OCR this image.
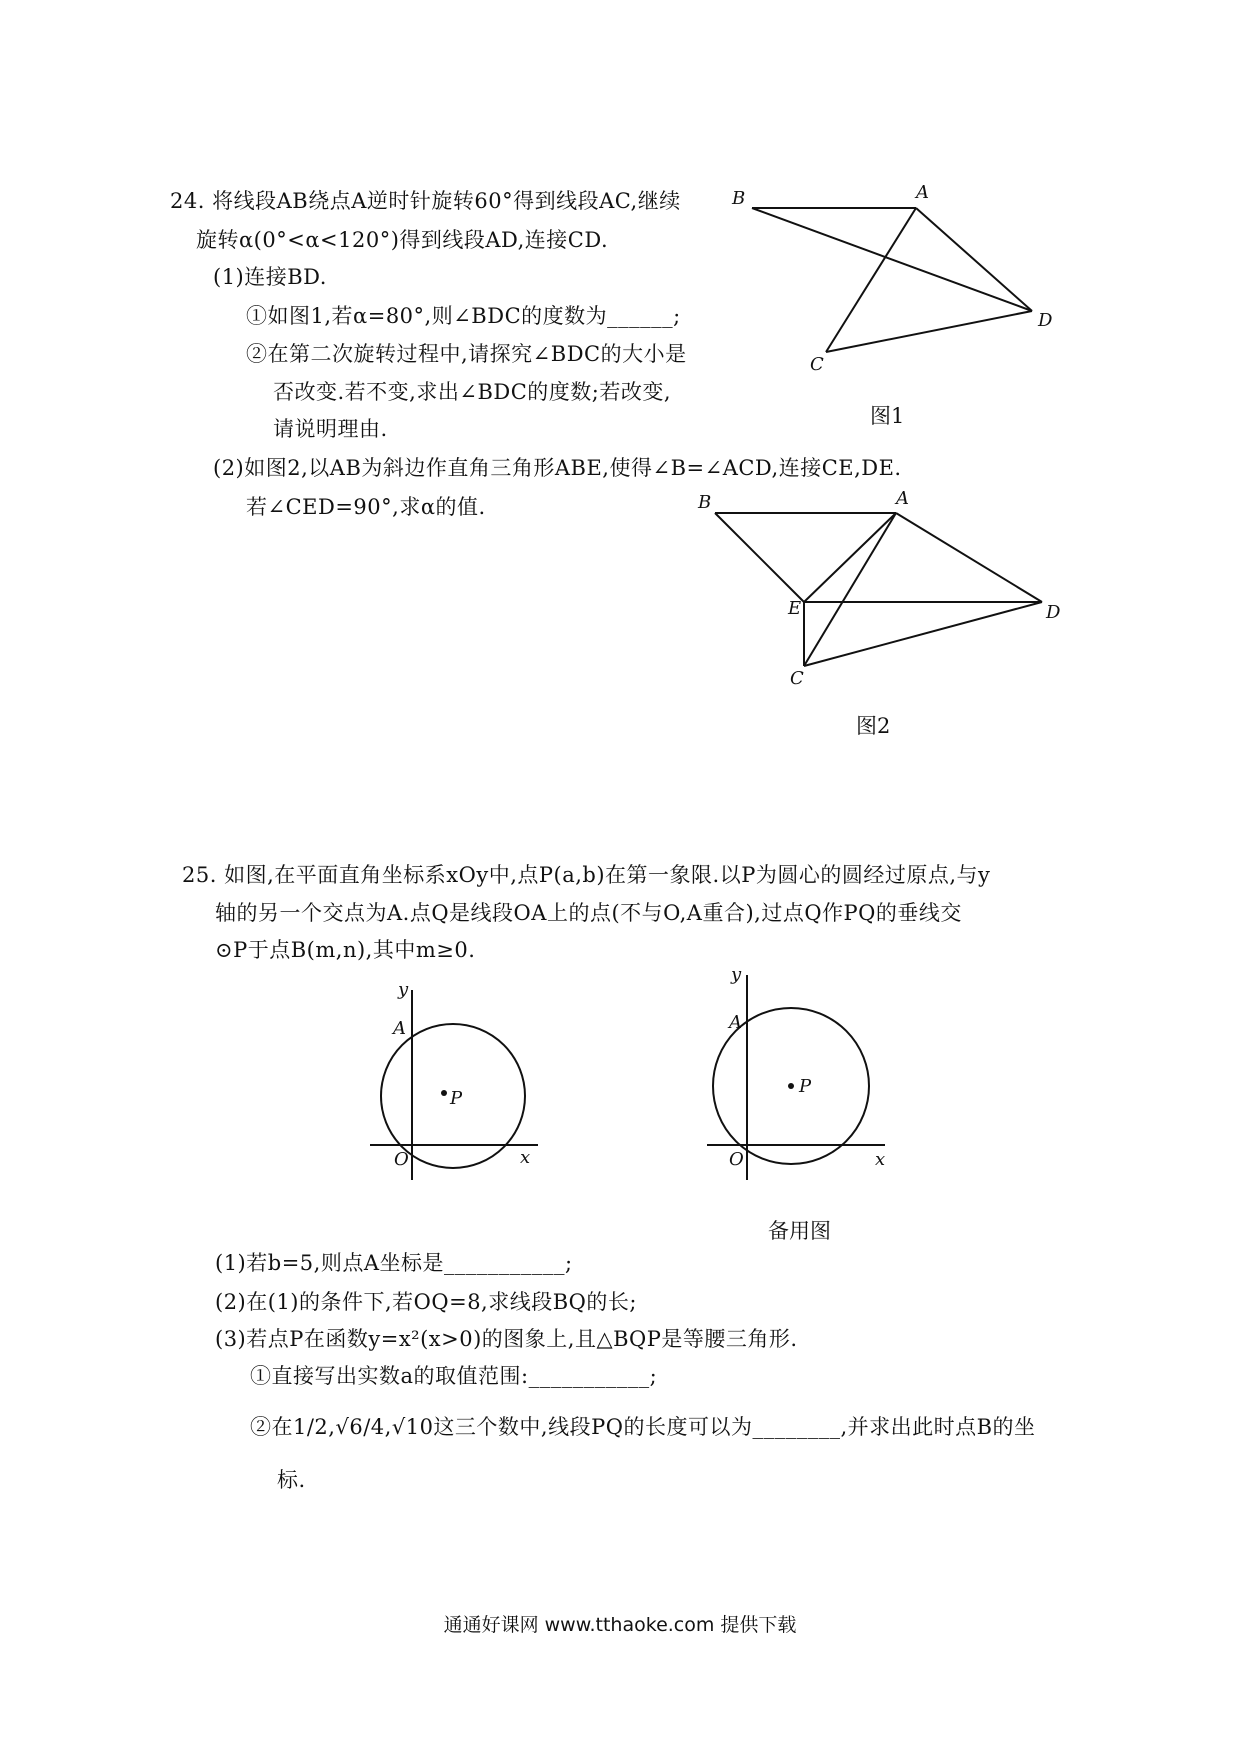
24. 将线段AB绕点A逆时针旋转60°得到线段AC,继续
旋转α(0°<α<120°)得到线段AD,连接CD.
(1)连接BD.
①如图1,若α=80°,则∠BDC的度数为______;
②在第二次旋转过程中,请探究∠BDC的大小是
否改变.若不变,求出∠BDC的度数;若改变,
请说明理由.
(2)如图2,以AB为斜边作直角三角形ABE,使得∠B=∠ACD,连接CE,DE.
若∠CED=90°,求α的值.
B	A
D
C
图1
B	A
E	D
C
图2
25. 如图,在平面直角坐标系xOy中,点P(a,b)在第一象限.以P为圆心的圆经过原点,与y
轴的另一个交点为A.点Q是线段OA上的点(不与O,A重合),过点Q作PQ的垂线交
⊙P于点B(m,n),其中m≥0.
y
A
P
O	x
y
A
P
O	x
备用图
(1)若b=5,则点A坐标是___________;
(2)在(1)的条件下,若OQ=8,求线段BQ的长;
(3)若点P在函数y=x²(x>0)的图象上,且△BQP是等腰三角形.
①直接写出实数a的取值范围:___________;
②在1/2,√6/4,√10这三个数中,线段PQ的长度可以为________,并求出此时点B的坐
标.
通通好课网 www.tthaoke.com 提供下载
